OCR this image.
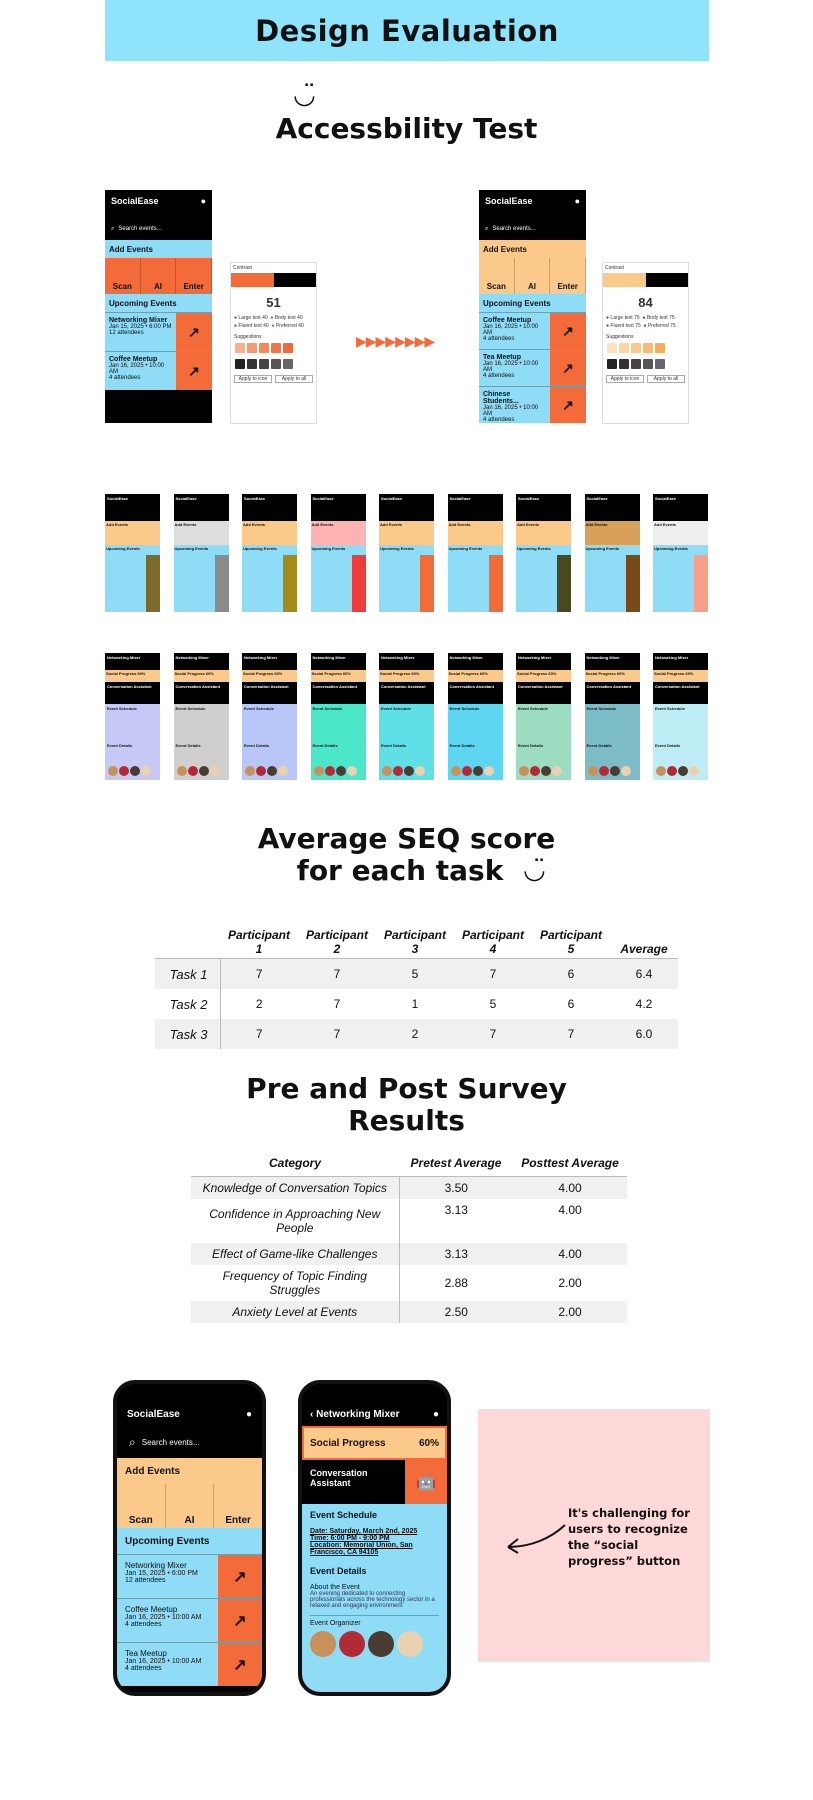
Design Evaluation
◡̈
Accessbility Test
SocialEase	●
⌕ Search events...
Add Events
Scan	AI	Enter
Upcoming Events
Networking Mixer
Jan 15, 2025 • 6:00 PM
12 attendees	↗
Coffee Meetup
Jan 16, 2025 • 10:00 AM
4 attendees	↗
Contrast
51
● Large text 40 ● Body text 40
● Fluent text 40 ● Preferred 40
Suggestions
Apply to icon	Apply to all
▶▶▶▶▶▶▶▶
SocialEase	●
⌕ Search events...
Add Events
Scan	AI	Enter
Upcoming Events
Coffee Meetup
Jan 16, 2025 • 10:00 AM
4 attendees
↗
Tea Meetup
Jan 16, 2025 • 10:00 AM
4 attendees
↗
Chinese Students...
Jan 16, 2025 • 10:00 AM
4 attendees
↗
Contrast
84
● Large text 75 ● Body text 75
● Fluent text 75 ● Preferred 75
Suggestions
Apply to icon	Apply to all
SocialEase
Add Events
Upcoming Events
SocialEase
Add Events
Upcoming Events
SocialEase
Add Events
Upcoming Events
SocialEase
Add Events
Upcoming Events
SocialEase
Add Events
Upcoming Events
SocialEase
Add Events
Upcoming Events
SocialEase
Add Events
Upcoming Events
SocialEase
Add Events
Upcoming Events
SocialEase
Add Events
Upcoming Events
Networking Mixer
Social Progress 60%
Conversation Assistant
Event Schedule
Event Details
Networking Mixer
Social Progress 60%
Conversation Assistant
Event Schedule
Event Details
Networking Mixer
Social Progress 60%
Conversation Assistant
Event Schedule
Event Details
Networking Mixer
Social Progress 60%
Conversation Assistant
Event Schedule
Event Details
Networking Mixer
Social Progress 60%
Conversation Assistant
Event Schedule
Event Details
Networking Mixer
Social Progress 60%
Conversation Assistant
Event Schedule
Event Details
Networking Mixer
Social Progress 60%
Conversation Assistant
Event Schedule
Event Details
Networking Mixer
Social Progress 60%
Conversation Assistant
Event Schedule
Event Details
Networking Mixer
Social Progress 60%
Conversation Assistant
Event Schedule
Event Details
Average SEQ score
for each task ◡̈
	Participant 1	Participant 2	Participant 3	Participant 4	Participant 5	Average
Task 1	7	7	5	7	6	6.4
Task 2	2	7	1	5	6	4.2
Task 3	7	7	2	7	7	6.0
Pre and Post Survey
Results
Category	Pretest Average	Posttest Average
Knowledge of Conversation Topics	3.50	4.00
Confidence in Approaching New People	3.13	4.00
Effect of Game-like Challenges	3.13	4.00
Frequency of Topic Finding Struggles	2.88	2.00
Anxiety Level at Events	2.50	2.00
SocialEase	●
⌕ Search events...
Add Events
Scan	AI	Enter
Upcoming Events
Networking Mixer
Jan 15, 2025 • 6:00 PM
12 attendees	↗
Coffee Meetup
Jan 16, 2025 • 10:00 AM
4 attendees	↗
Tea Meetup
Jan 16, 2025 • 10:00 AM
4 attendees	↗
‹ Networking Mixer	●
Social Progress	60%
Conversation
Assistant	🤖
Event Schedule
Date: Saturday, March 2nd, 2025
Time: 6:00 PM - 9:00 PM
Location: Memorial Union, San Francisco, CA 94105
Event Details
About the Event
An evening dedicated to connecting professionals across the technology sector in a relaxed and engaging environment
Event Organizer
It's challenging for users to recognize the “social progress” button
